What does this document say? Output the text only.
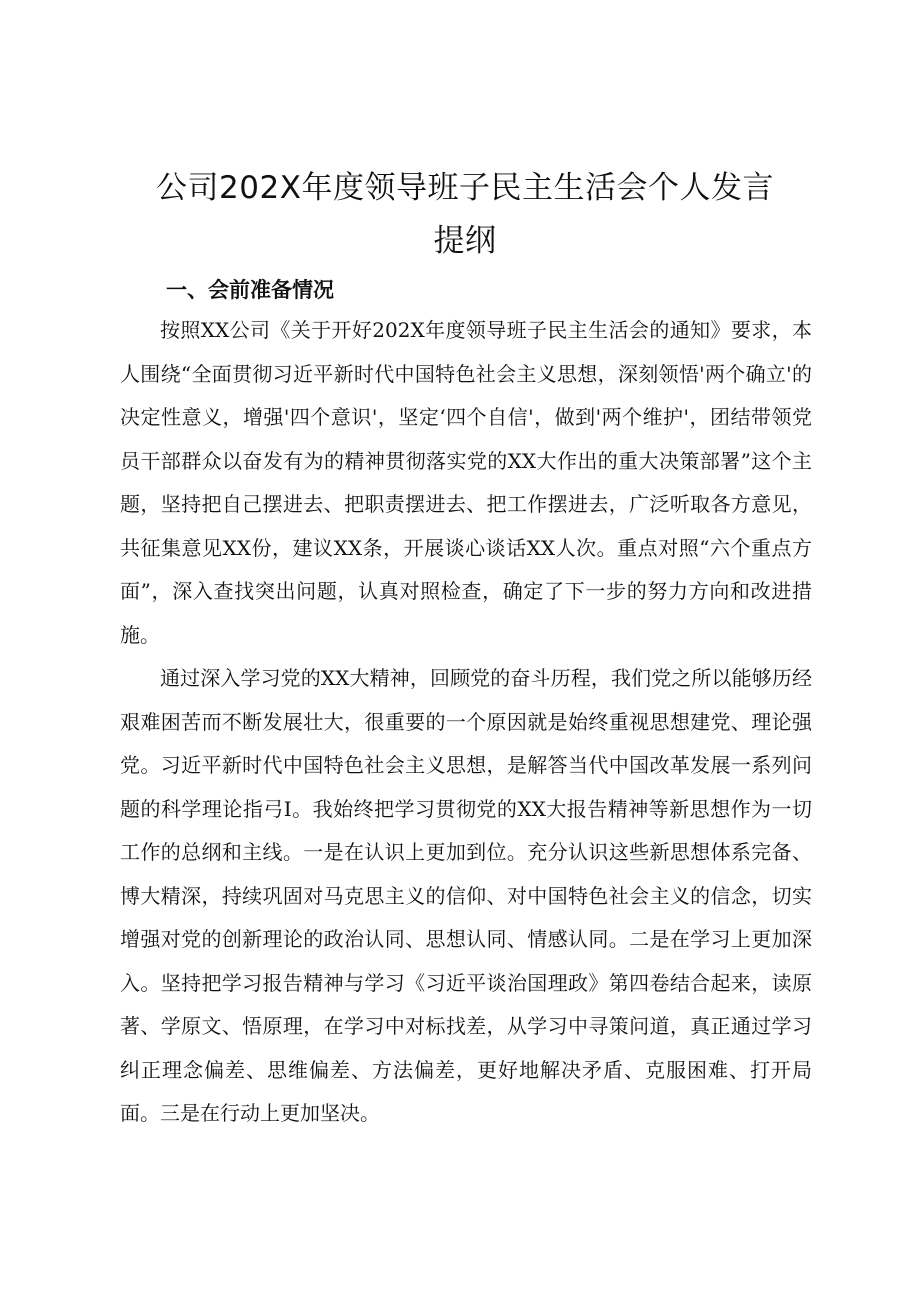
公司202X年度领导班子民主生活会个人发言
提纲
一、会前准备情况

按照XX公司《关于开好202X年度领导班子民主生活会的通知》要求，本人围绕“全面贯彻习近平新时代中国特色社会主义思想，深刻领悟'两个确立'的决定性意义，增强'四个意识'，坚定‘四个自信'，做到'两个维护'，团结带领党员干部群众以奋发有为的精神贯彻落实党的XX大作出的重大决策部署”这个主题，坚持把自己摆进去、把职责摆进去、把工作摆进去，广泛听取各方意见，共征集意见XX份，建议XX条，开展谈心谈话XX人次。重点对照“六个重点方面”，深入查找突出问题，认真对照检查，确定了下一步的努力方向和改进措施。

通过深入学习党的XX大精神，回顾党的奋斗历程，我们党之所以能够历经艰难困苦而不断发展壮大，很重要的一个原因就是始终重视思想建党、理论强党。习近平新时代中国特色社会主义思想，是解答当代中国改革发展一系列问题的科学理论指弓I。我始终把学习贯彻党的XX大报告精神等新思想作为一切工作的总纲和主线。一是在认识上更加到位。充分认识这些新思想体系完备、博大精深，持续巩固对马克思主义的信仰、对中国特色社会主义的信念，切实增强对党的创新理论的政治认同、思想认同、情感认同。二是在学习上更加深入。坚持把学习报告精神与学习《习近平谈治国理政》第四卷结合起来，读原著、学原文、悟原理，在学习中对标找差，从学习中寻策问道，真正通过学习纠正理念偏差、思维偏差、方法偏差，更好地解决矛盾、克服困难、打开局面。三是在行动上更加坚决。
